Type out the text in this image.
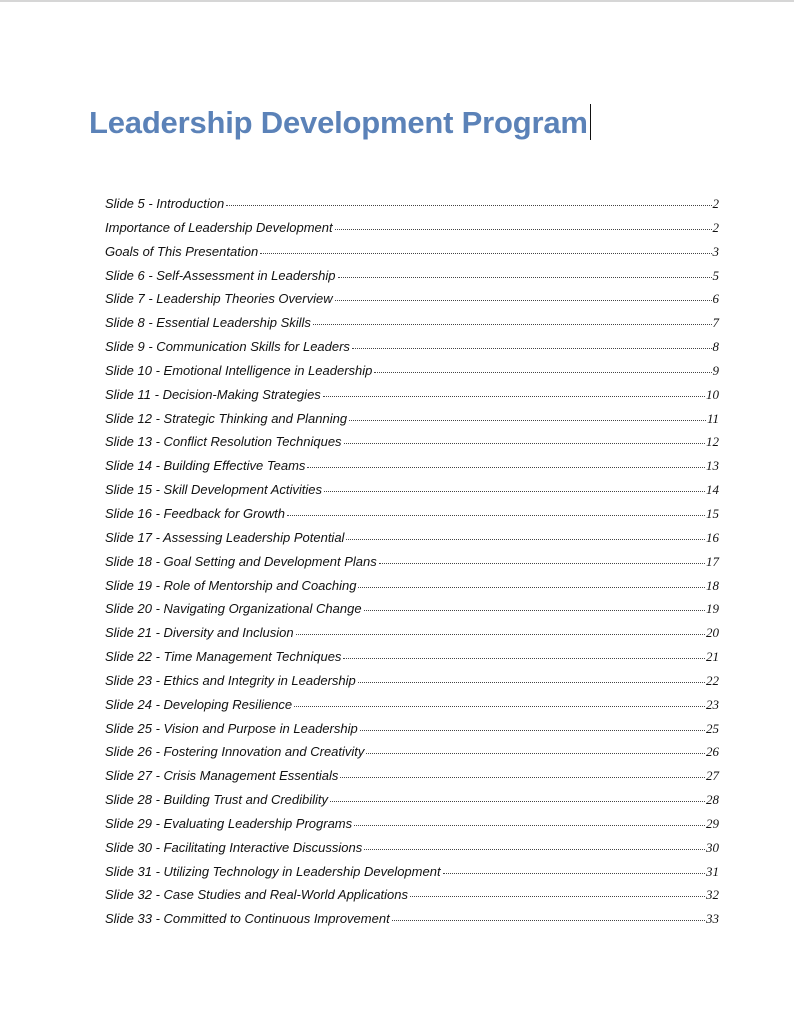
Leadership Development Program
Slide 5 - Introduction	2
Importance of Leadership Development	2
Goals of This Presentation	3
Slide 6 - Self-Assessment in Leadership	5
Slide 7 - Leadership Theories Overview	6
Slide 8 - Essential Leadership Skills	7
Slide 9 - Communication Skills for Leaders	8
Slide 10 - Emotional Intelligence in Leadership	9
Slide 11 - Decision-Making Strategies	10
Slide 12 - Strategic Thinking and Planning	11
Slide 13 - Conflict Resolution Techniques	12
Slide 14 - Building Effective Teams	13
Slide 15 - Skill Development Activities	14
Slide 16 - Feedback for Growth	15
Slide 17 - Assessing Leadership Potential	16
Slide 18 - Goal Setting and Development Plans	17
Slide 19 - Role of Mentorship and Coaching	18
Slide 20 - Navigating Organizational Change	19
Slide 21 - Diversity and Inclusion	20
Slide 22 - Time Management Techniques	21
Slide 23 - Ethics and Integrity in Leadership	22
Slide 24 - Developing Resilience	23
Slide 25 - Vision and Purpose in Leadership	25
Slide 26 - Fostering Innovation and Creativity	26
Slide 27 - Crisis Management Essentials	27
Slide 28 - Building Trust and Credibility	28
Slide 29 - Evaluating Leadership Programs	29
Slide 30 - Facilitating Interactive Discussions	30
Slide 31 - Utilizing Technology in Leadership Development	31
Slide 32 - Case Studies and Real-World Applications	32
Slide 33 - Committed to Continuous Improvement	33
